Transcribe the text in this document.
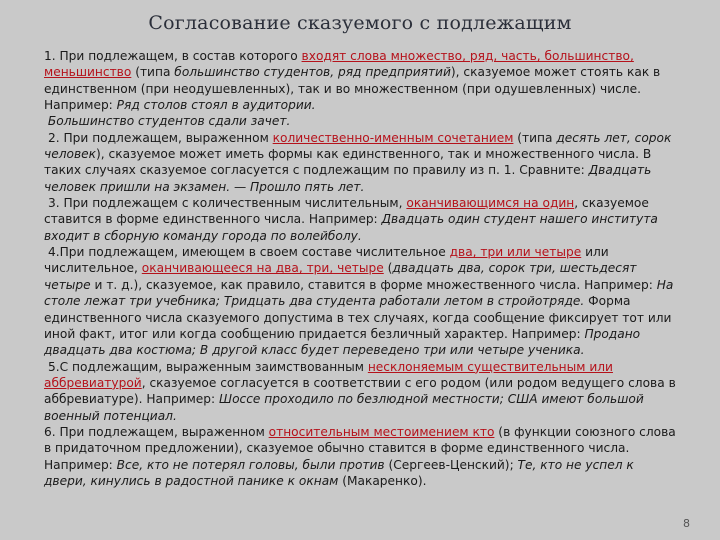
Согласование сказуемого с подлежащим

1. При подлежащем, в состав которого входят слова множество, ряд, часть, большинство, меньшинство (типа большинство студентов, ряд предприятий), сказуемое может стоять как в единственном (при неодушевленных), так и во множественном (при одушевленных) числе. Например: Ряд столов стоял в аудитории.
Большинство студентов сдали зачет.

2. При подлежащем, выраженном количественно-именным сочетанием (типа десять лет, сорок человек), сказуемое может иметь формы как единственного, так и множественного числа. В таких случаях сказуемое согласуется с подлежащим по правилу из п. 1. Сравните: Двадцать человек пришли на экзамен. — Прошло пять лет.

3. При подлежащем с количественным числительным, оканчивающимся на один, сказуемое ставится в форме единственного числа. Например: Двадцать один студент нашего института входит в сборную команду города по волейболу.

4.При подлежащем, имеющем в своем составе числительное два, три или четыре или числительное, оканчивающееся на два, три, четыре (двадцать два, сорок три, шестьдесят четыре и т. д.), сказуемое, как правило, ставится в форме множественного числа. Например: На столе лежат три учебника; Тридцать два студента работали летом в стройотряде. Форма единственного числа сказуемого допустима в тех случаях, когда сообщение фиксирует тот или иной факт, итог или когда сообщению придается безличный характер. Например: Продано двадцать два костюма; В другой класс будет переведено три или четыре ученика.

5.С подлежащим, выраженным заимствованным несклоняемым существительным или аббревиатурой, сказуемое согласуется в соответствии с его родом (или родом ведущего слова в аббревиатуре). Например: Шоссе проходило по безлюдной местности; США имеют большой военный потенциал.

6. При подлежащем, выраженном относительным местоимением кто (в функции союзного слова в придаточном предложении), сказуемое обычно ставится в форме единственного числа. Например: Все, кто не потерял головы, были против (Сергеев-Ценский); Те, кто не успел к двери, кинулись в радостной панике к окнам (Макаренко).

8
